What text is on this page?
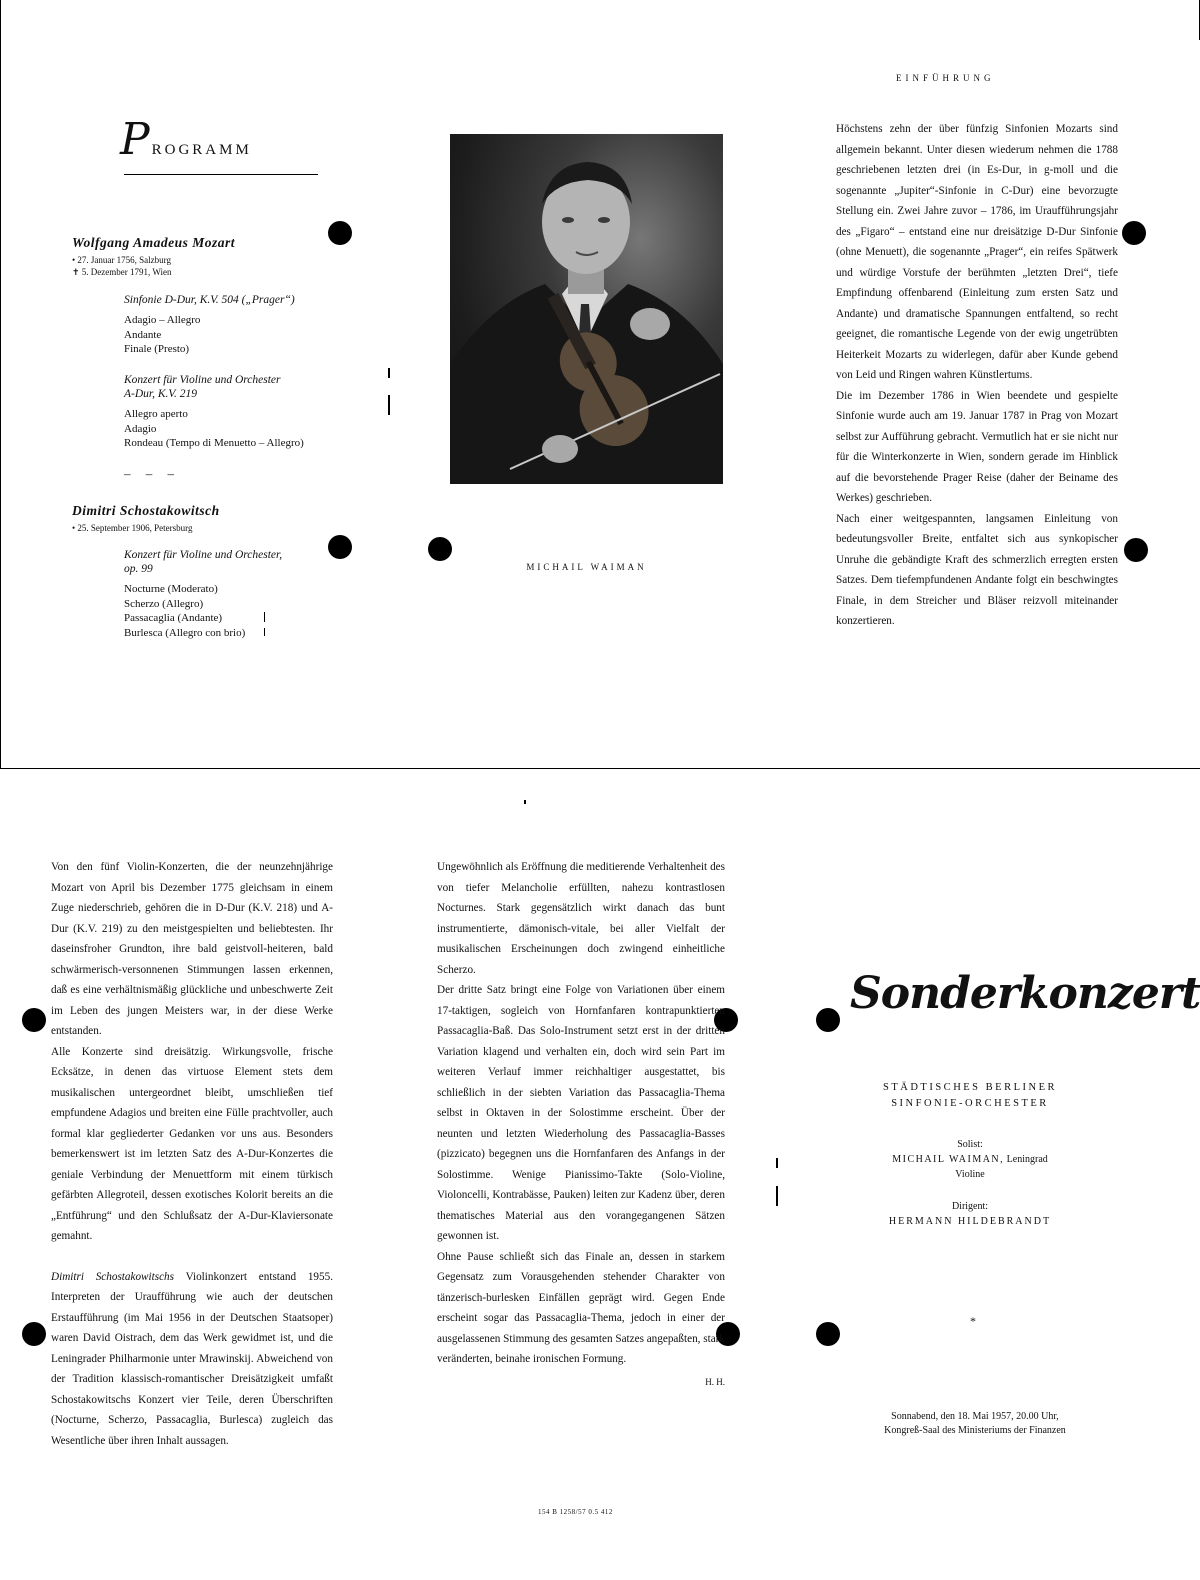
P ROGRAMM
Wolfgang Amadeus Mozart
• 27. Januar 1756, Salzburg
✝ 5. Dezember 1791, Wien
Sinfonie D-Dur, K.V. 504 („Prager“)
Adagio – Allegro
Andante
Finale (Presto)
Konzert für Violine und Orchester
A-Dur, K.V. 219
Allegro aperto
Adagio
Rondeau (Tempo di Menuetto – Allegro)
– – –
Dimitri Schostakowitsch
• 25. September 1906, Petersburg
Konzert für Violine und Orchester,
op. 99
Nocturne (Moderato)
Scherzo (Allegro)
Passacaglia (Andante)
Burlesca (Allegro con brio)
MICHAIL WAIMAN
EINFÜHRUNG

Höchstens zehn der über fünfzig Sinfonien Mozarts sind allgemein bekannt. Unter diesen wiederum nehmen die 1788 geschriebenen letzten drei (in Es-Dur, in g-moll und die sogenannte „Jupiter“-Sinfonie in C-Dur) eine bevorzugte Stellung ein. Zwei Jahre zuvor – 1786, im Uraufführungsjahr des „Figaro“ – entstand eine nur dreisätzige D-Dur Sinfonie (ohne Menuett), die sogenannte „Prager“, ein reifes Spätwerk und würdige Vorstufe der berühmten „letzten Drei“, tiefe Empfindung offenbarend (Einleitung zum ersten Satz und Andante) und dramatische Spannungen entfaltend, so recht geeignet, die romantische Legende von der ewig ungetrübten Heiterkeit Mozarts zu widerlegen, dafür aber Kunde gebend von Leid und Ringen wahren Künstlertums.

Die im Dezember 1786 in Wien beendete und gespielte Sinfonie wurde auch am 19. Januar 1787 in Prag von Mozart selbst zur Aufführung gebracht. Vermutlich hat er sie nicht nur für die Winterkonzerte in Wien, sondern gerade im Hinblick auf die bevorstehende Prager Reise (daher der Beiname des Werkes) geschrieben.

Nach einer weitgespannten, langsamen Einleitung von bedeutungsvoller Breite, entfaltet sich aus synkopischer Unruhe die gebändigte Kraft des schmerzlich erregten ersten Satzes. Dem tiefempfundenen Andante folgt ein beschwingtes Finale, in dem Streicher und Bläser reizvoll miteinander konzertieren.

Von den fünf Violin-Konzerten, die der neunzehnjährige Mozart von April bis Dezember 1775 gleichsam in einem Zuge niederschrieb, gehören die in D-Dur (K.V. 218) und A-Dur (K.V. 219) zu den meistgespielten und beliebtesten. Ihr daseinsfroher Grundton, ihre bald geistvoll-heiteren, bald schwärmerisch-versonnenen Stimmungen lassen erkennen, daß es eine verhältnismäßig glückliche und unbeschwerte Zeit im Leben des jungen Meisters war, in der diese Werke entstanden.

Alle Konzerte sind dreisätzig. Wirkungsvolle, frische Ecksätze, in denen das virtuose Element stets dem musikalischen untergeordnet bleibt, umschließen tief empfundene Adagios und breiten eine Fülle prachtvoller, auch formal klar gegliederter Gedanken vor uns aus. Besonders bemerkenswert ist im letzten Satz des A-Dur-Konzertes die geniale Verbindung der Menuettform mit einem türkisch gefärbten Allegroteil, dessen exotisches Kolorit bereits an die „Entführung“ und den Schlußsatz der A-Dur-Klaviersonate gemahnt.

Dimitri Schostakowitschs Violinkonzert entstand 1955. Interpreten der Uraufführung wie auch der deutschen Erstaufführung (im Mai 1956 in der Deutschen Staatsoper) waren David Oistrach, dem das Werk gewidmet ist, und die Leningrader Philharmonie unter Mrawinskij. Abweichend von der Tradition klassisch-romantischer Dreisätzigkeit umfaßt Schostakowitschs Konzert vier Teile, deren Überschriften (Nocturne, Scherzo, Passacaglia, Burlesca) zugleich das Wesentliche über ihren Inhalt aussagen.

Ungewöhnlich als Eröffnung die meditierende Verhaltenheit des von tiefer Melancholie erfüllten, nahezu kontrastlosen Nocturnes. Stark gegensätzlich wirkt danach das bunt instrumentierte, dämonisch-vitale, bei aller Vielfalt der musikalischen Erscheinungen doch zwingend einheitliche Scherzo.

Der dritte Satz bringt eine Folge von Variationen über einem 17-taktigen, sogleich von Hornfanfaren kontrapunktierten Passacaglia-Baß. Das Solo-Instrument setzt erst in der dritten Variation klagend und verhalten ein, doch wird sein Part im weiteren Verlauf immer reichhaltiger ausgestattet, bis schließlich in der siebten Variation das Passacaglia-Thema selbst in Oktaven in der Solostimme erscheint. Über der neunten und letzten Wiederholung des Passacaglia-Basses (pizzicato) begegnen uns die Hornfanfaren des Anfangs in der Solostimme. Wenige Pianissimo-Takte (Solo-Violine, Violoncelli, Kontrabässe, Pauken) leiten zur Kadenz über, deren thematisches Material aus den vorangegangenen Sätzen gewonnen ist.

Ohne Pause schließt sich das Finale an, dessen in starkem Gegensatz zum Vorausgehenden stehender Charakter von tänzerisch-burlesken Einfällen geprägt wird. Gegen Ende erscheint sogar das Passacaglia-Thema, jedoch in einer der ausgelassenen Stimmung des gesamten Satzes angepaßten, stark veränderten, beinahe ironischen Formung.

H. H.

Sonderkonzert
STÄDTISCHES BERLINER
SINFONIE-ORCHESTER
Solist:
MICHAIL WAIMAN, Leningrad
Violine
Dirigent:
HERMANN HILDEBRANDT
*
Sonnabend, den 18. Mai 1957, 20.00 Uhr,
Kongreß-Saal des Ministeriums der Finanzen
154 B 1258/57 0.5 412
